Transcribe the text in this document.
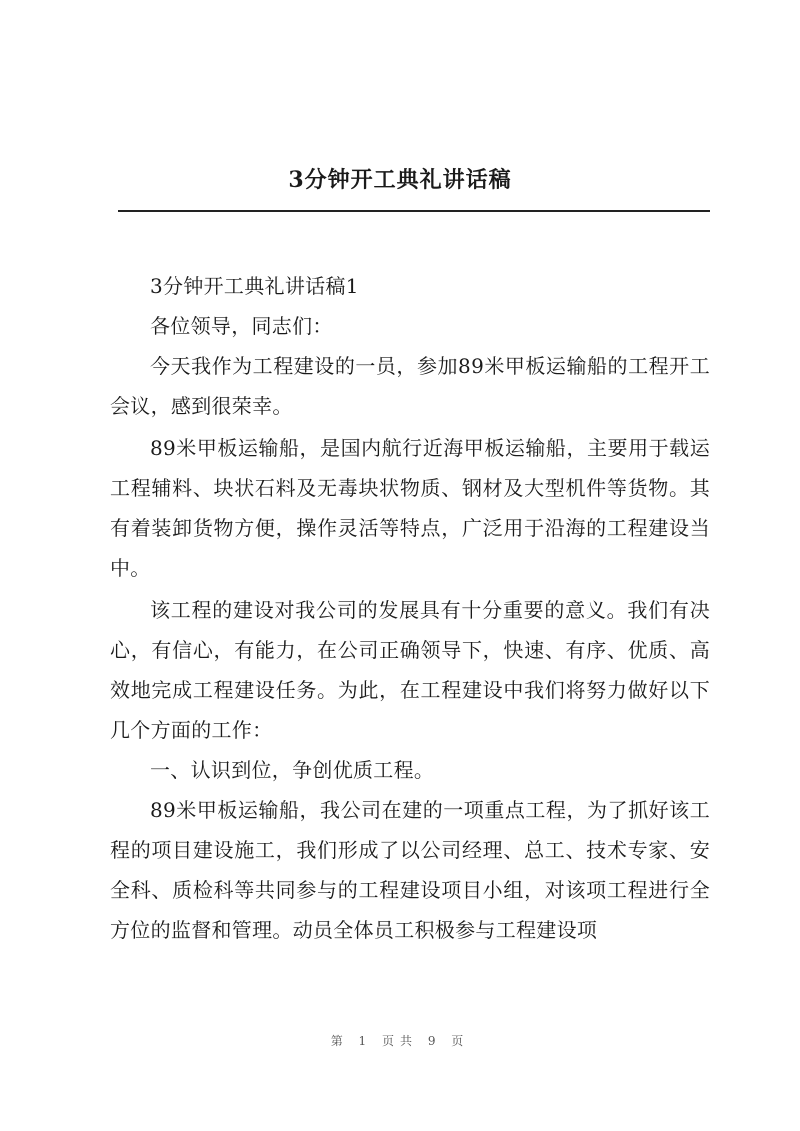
3分钟开工典礼讲话稿

3分钟开工典礼讲话稿1

各位领导，同志们：

今天我作为工程建设的一员，参加89米甲板运输船的工程开工会议，感到很荣幸。

89米甲板运输船，是国内航行近海甲板运输船，主要用于载运工程辅料、块状石料及无毒块状物质、钢材及大型机件等货物。其有着装卸货物方便，操作灵活等特点，广泛用于沿海的工程建设当中。

该工程的建设对我公司的发展具有十分重要的意义。我们有决心，有信心，有能力，在公司正确领导下，快速、有序、优质、高效地完成工程建设任务。为此，在工程建设中我们将努力做好以下几个方面的工作：

一、认识到位，争创优质工程。

89米甲板运输船，我公司在建的一项重点工程，为了抓好该工程的项目建设施工，我们形成了以公司经理、总工、技术专家、安全科、质检科等共同参与的工程建设项目小组，对该项工程进行全方位的监督和管理。动员全体员工积极参与工程建设项

第 1 页共 9 页
